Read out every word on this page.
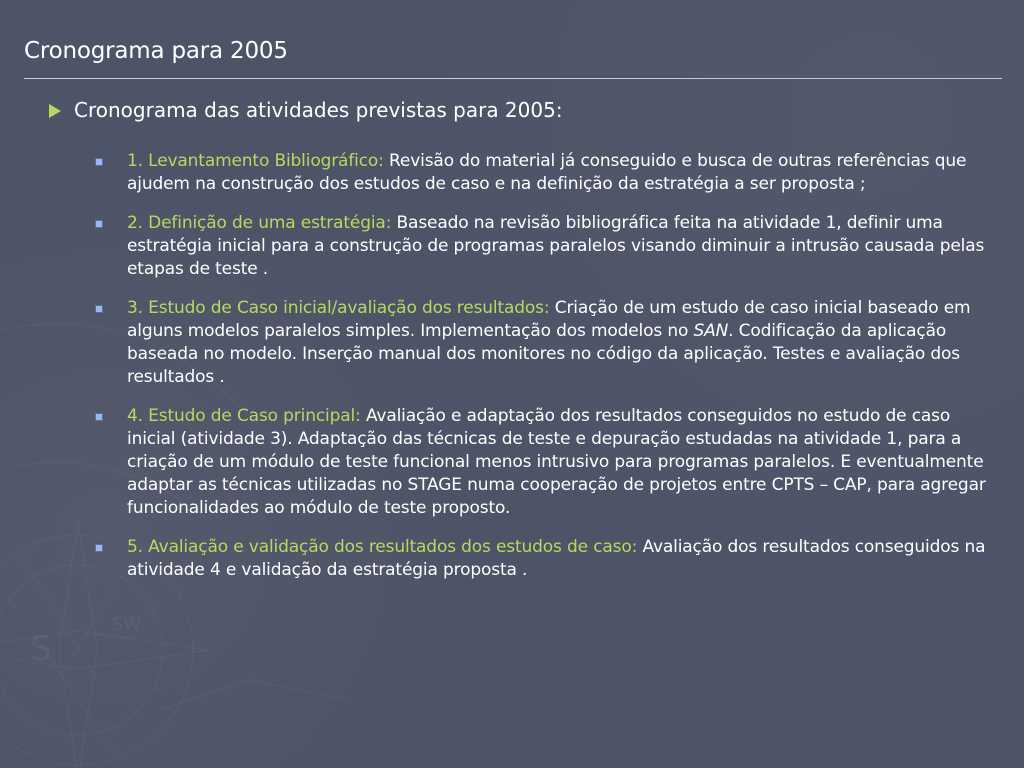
S
SW
Cronograma para 2005
Cronograma das atividades previstas para 2005:
1. Levantamento Bibliográfico: Revisão do material já conseguido e busca de outras referências que ajudem na construção dos estudos de caso e na definição da estratégia a ser proposta ;
2. Definição de uma estratégia: Baseado na revisão bibliográfica feita na atividade 1, definir uma estratégia inicial para a construção de programas paralelos visando diminuir a intrusão causada pelas etapas de teste .
3. Estudo de Caso inicial/avaliação dos resultados: Criação de um estudo de caso inicial baseado em alguns modelos paralelos simples. Implementação dos modelos no SAN. Codificação da aplicação baseada no modelo. Inserção manual dos monitores no código da aplicação. Testes e avaliação dos resultados .
4. Estudo de Caso principal: Avaliação e adaptação dos resultados conseguidos no estudo de caso inicial (atividade 3). Adaptação das técnicas de teste e depuração estudadas na atividade 1, para a criação de um módulo de teste funcional menos intrusivo para programas paralelos. E eventualmente adaptar as técnicas utilizadas no STAGE numa cooperação de projetos entre CPTS – CAP, para agregar funcionalidades ao módulo de teste proposto.
5. Avaliação e validação dos resultados dos estudos de caso: Avaliação dos resultados conseguidos na atividade 4 e validação da estratégia proposta .
